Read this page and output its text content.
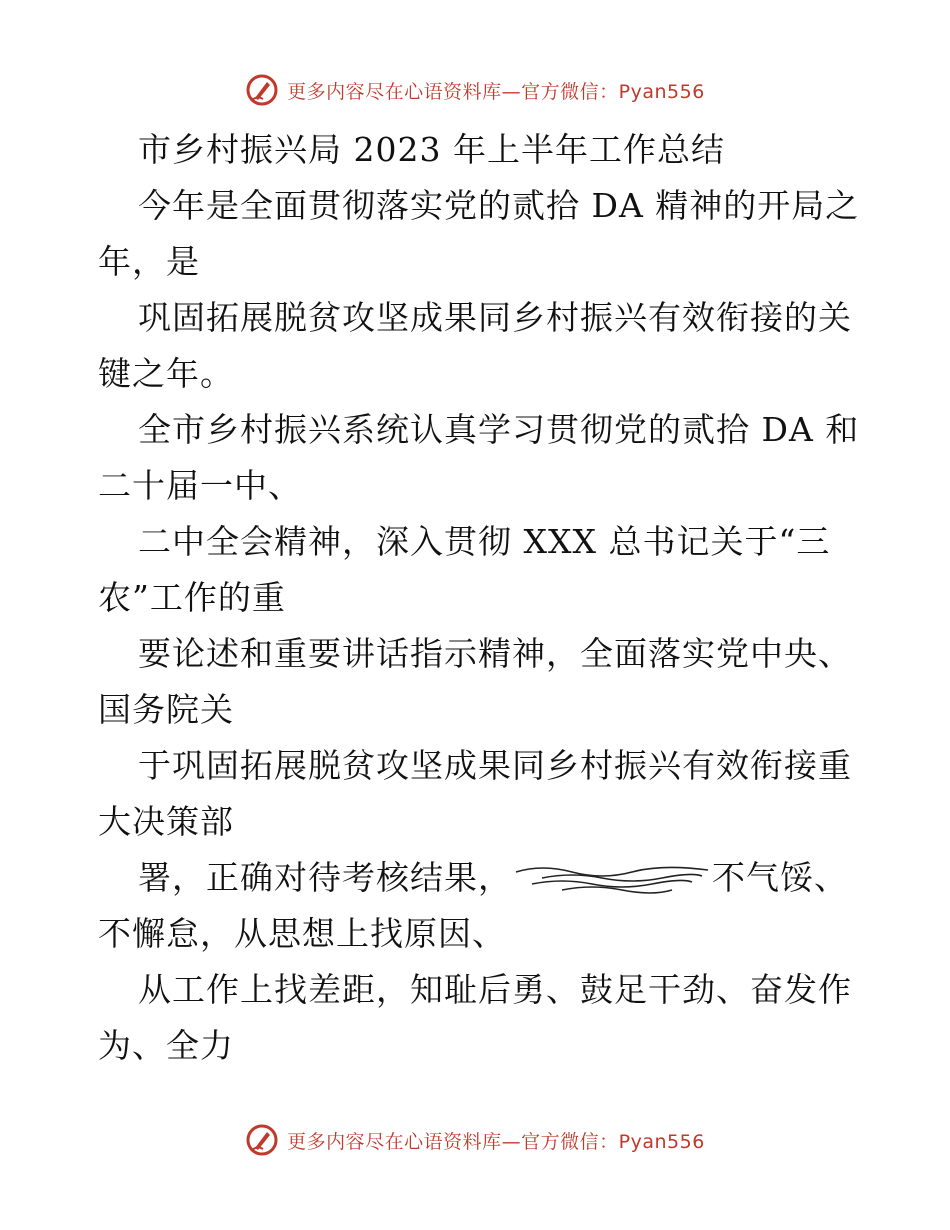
更多内容尽在心语资料库—官方微信：Pyan556
市乡村振兴局 2023 年上半年工作总结
今年是全面贯彻落实党的贰拾 DA 精神的开局之
年，是
巩固拓展脱贫攻坚成果同乡村振兴有效衔接的关
键之年。
全市乡村振兴系统认真学习贯彻党的贰拾 DA 和
二十届一中、
二中全会精神，深入贯彻 XXX 总书记关于“三
农”工作的重
要论述和重要讲话指示精神，全面落实党中央、
国务院关
于巩固拓展脱贫攻坚成果同乡村振兴有效衔接重
大决策部
署，正确对待考核结果，	不气馁、
不懈怠，从思想上找原因、
从工作上找差距，知耻后勇、鼓足干劲、奋发作
为、全力
更多内容尽在心语资料库—官方微信：Pyan556
